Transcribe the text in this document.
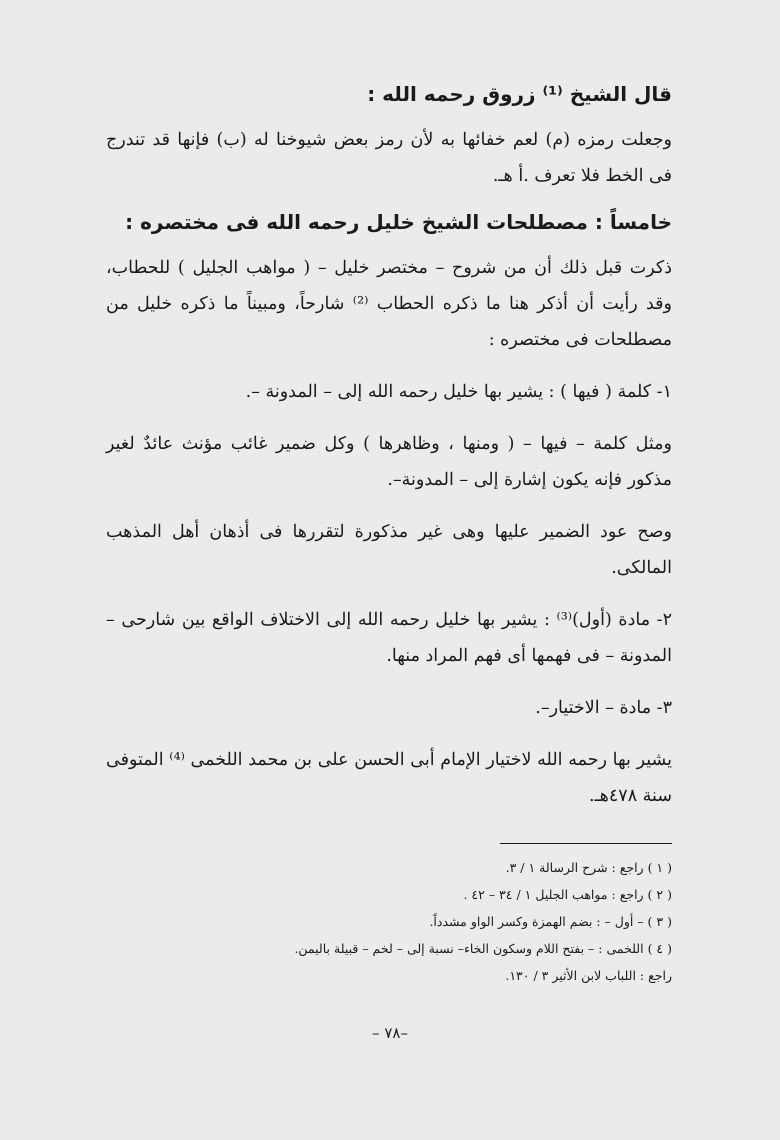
قال الشيخ ⁽¹⁾ زروق رحمه الله :

وجعلت رمزه (م) لعم خفائها به لأن رمز بعض شيوخنا له (ب) فإنها قد تندرج فى الخط فلا تعرف .أ هـ.

خامساً : مصطلحات الشيخ خليل رحمه الله فى مختصره :

ذكرت قبل ذلك أن من شروح – مختصر خليل – ( مواهب الجليل ) للحطاب، وقد رأيت أن أذكر هنا ما ذكره الحطاب ⁽²⁾ شارحاً، ومبيناً ما ذكره خليل من مصطلحات فى مختصره :

١- كلمة ( فيها ) : يشير بها خليل رحمه الله إلى – المدونة –.

ومثل كلمة – فيها – ( ومنها ، وظاهرها ) وكل ضمير غائب مؤنث عائدٌ لغير مذكور فإنه يكون إشارة إلى – المدونة–.

وصح عود الضمير عليها وهى غير مذكورة لتقررها فى أذهان أهل المذهب المالكى.

٢- مادة (أول)⁽³⁾ : يشير بها خليل رحمه الله إلى الاختلاف الواقع بين شارحى – المدونة – فى فهمها أى فهم المراد منها.

٣- مادة – الاختيار–.

يشير بها رحمه الله لاختيار الإمام أبى الحسن على بن محمد اللخمى ⁽⁴⁾ المتوفى سنة ٤٧٨هـ.

( ١ ) راجع : شرح الرسالة ١ / ٣.
( ٢ ) راجع : مواهب الجليل ١ / ٣٤ – ٤٢ .
( ٣ ) – أول – : بضم الهمزة وكسر الواو مشدداً.
( ٤ ) اللخمى : – بفتح اللام وسكون الخاء– نسبة إلى – لخم – قبيلة باليمن.
راجع : اللباب لابن الأثير ٣ / ١٣٠.
–٧٨ –
